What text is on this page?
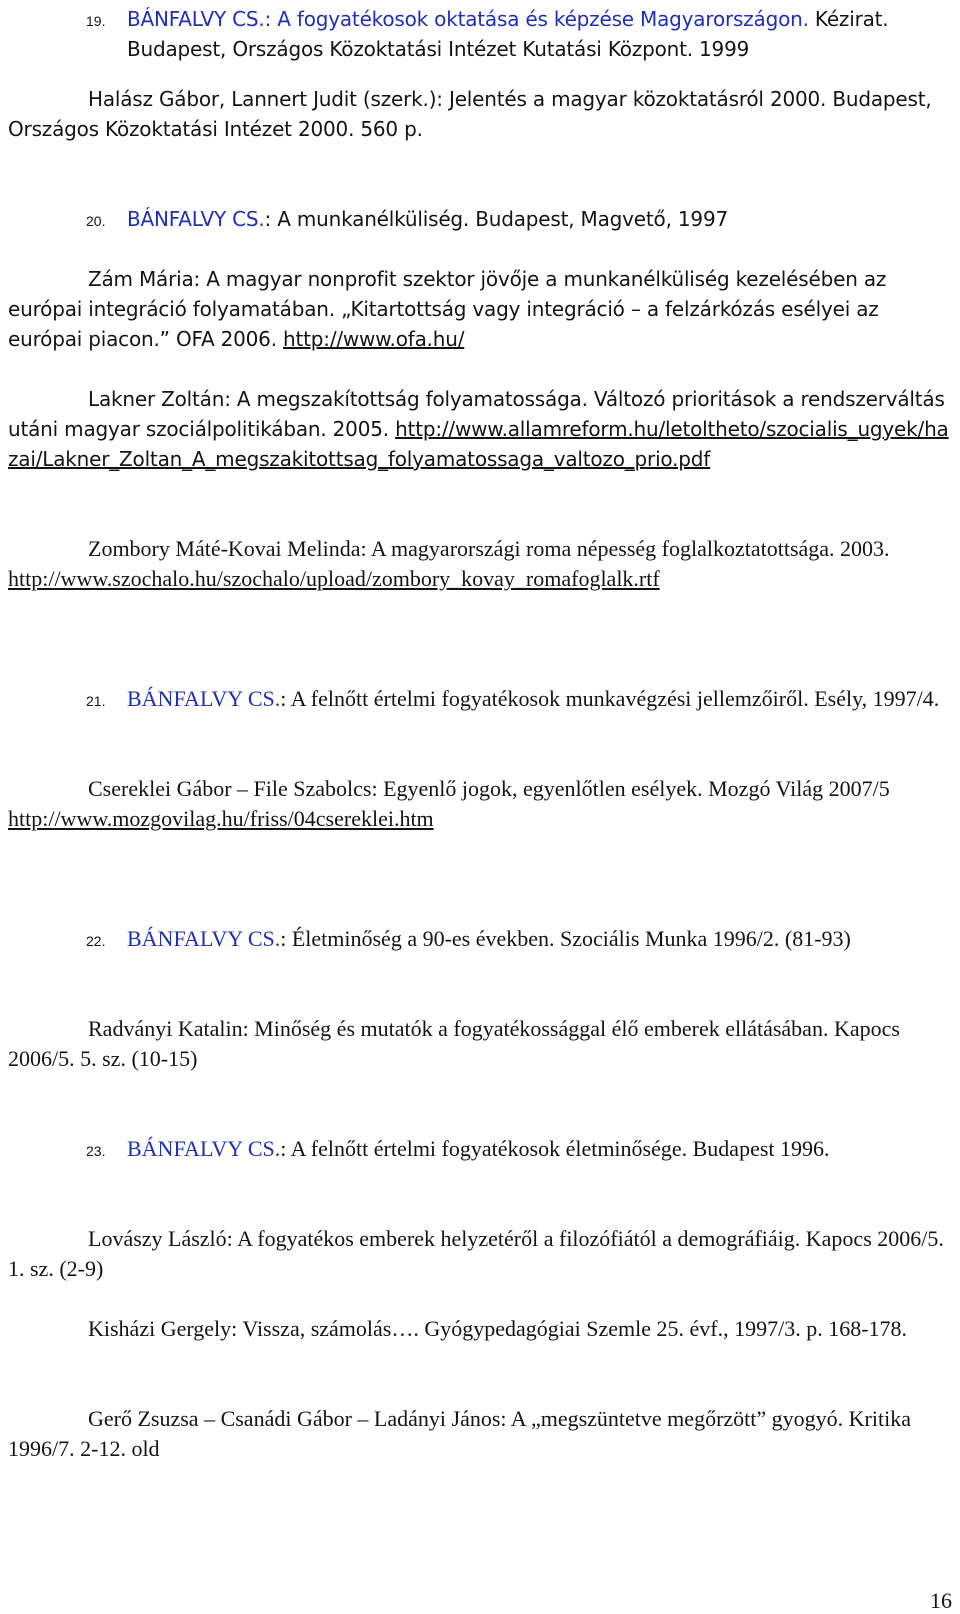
19. BÁNFALVY CS.: A fogyatékosok oktatása és képzése Magyarországon. Kézirat. Budapest, Országos Közoktatási Intézet Kutatási Központ. 1999

Halász Gábor, Lannert Judit (szerk.): Jelentés a magyar közoktatásról 2000. Budapest, Országos Közoktatási Intézet 2000. 560 p.

20. BÁNFALVY CS.: A munkanélküliség. Budapest, Magvető, 1997

Zám Mária: A magyar nonprofit szektor jövője a munkanélküliség kezelésében az európai integráció folyamatában. „Kitartottság vagy integráció – a felzárkózás esélyei az európai piacon.” OFA 2006. http://www.ofa.hu/

Lakner Zoltán: A megszakítottság folyamatossága. Változó prioritások a rendszerváltás utáni magyar szociálpolitikában. 2005. http://www.allamreform.hu/letoltheto/szocialis_ugyek/hazai/Lakner_Zoltan_A_megszakitottsag_folyamatossaga_valtozo_prio.pdf

Zombory Máté-Kovai Melinda: A magyarországi roma népesség foglalkoztatottsága. 2003. http://www.szochalo.hu/szochalo/upload/zombory_kovay_romafoglalk.rtf

21. BÁNFALVY CS.: A felnőtt értelmi fogyatékosok munkavégzési jellemzőiről. Esély, 1997/4.
Csereklei Gábor – File Szabolcs: Egyenlő jogok, egyenlőtlen esélyek. Mozgó Világ 2007/5
http://www.mozgovilag.hu/friss/04csereklei.htm
22. BÁNFALVY CS.: Életminőség a 90-es években. Szociális Munka 1996/2. (81-93)

Radványi Katalin: Minőség és mutatók a fogyatékossággal élő emberek ellátásában. Kapocs 2006/5. 5. sz. (10-15)

23. BÁNFALVY CS.: A felnőtt értelmi fogyatékosok életminősége. Budapest 1996.

Lovászy László: A fogyatékos emberek helyzetéről a filozófiától a demográfiáig. Kapocs 2006/5. 1. sz. (2-9)

Kisházi Gergely: Vissza, számolás…. Gyógypedagógiai Szemle 25. évf., 1997/3. p. 168-178.

Gerő Zsuzsa – Csanádi Gábor – Ladányi János: A „megszüntetve megőrzött” gyogyó. Kritika 1996/7. 2-12. old

16
